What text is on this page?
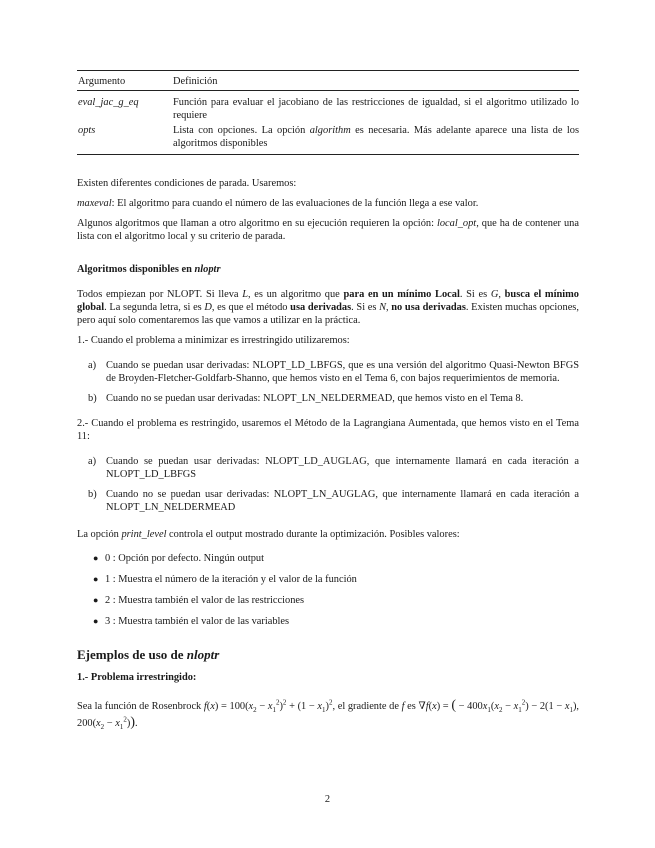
Argumento	Definición
eval_jac_g_eq	Función para evaluar el jacobiano de las restricciones de igualdad, si el algoritmo utilizado lo requiere
opts	Lista con opciones. La opción algorithm es necesaria. Más adelante aparece una lista de los algoritmos disponibles

Existen diferentes condiciones de parada. Usaremos:

maxeval: El algoritmo para cuando el número de las evaluaciones de la función llega a ese valor.

Algunos algoritmos que llaman a otro algoritmo en su ejecución requieren la opción: local_opt, que ha de contener una lista con el algoritmo local y su criterio de parada.

Algoritmos disponibles en nloptr

Todos empiezan por NLOPT. Si lleva L, es un algoritmo que para en un mínimo Local. Si es G, busca el mínimo global. La segunda letra, si es D, es que el método usa derivadas. Si es N, no usa derivadas. Existen muchas opciones, pero aquí solo comentaremos las que vamos a utilizar en la práctica.

1.- Cuando el problema a minimizar es irrestringido utilizaremos:

a) Cuando se puedan usar derivadas: NLOPT_LD_LBFGS, que es una versión del algoritmo Quasi-Newton BFGS de Broyden-Fletcher-Goldfarb-Shanno, que hemos visto en el Tema 6, con bajos requerimientos de memoria.
b) Cuando no se puedan usar derivadas: NLOPT_LN_NELDERMEAD, que hemos visto en el Tema 8.

2.- Cuando el problema es restringido, usaremos el Método de la Lagrangiana Aumentada, que hemos visto en el Tema 11:

a) Cuando se puedan usar derivadas: NLOPT_LD_AUGLAG, que internamente llamará en cada iteración a NLOPT_LD_LBFGS
b) Cuando no se puedan usar derivadas: NLOPT_LN_AUGLAG, que internamente llamará en cada iteración a NLOPT_LN_NELDERMEAD

La opción print_level controla el output mostrado durante la optimización. Posibles valores:

● 0 : Opción por defecto. Ningún output
● 1 : Muestra el número de la iteración y el valor de la función
● 2 : Muestra también el valor de las restricciones
● 3 : Muestra también el valor de las variables
Ejemplos de uso de nloptr
1.- Problema irrestringido:

Sea la función de Rosenbrock $f(x) = 100(x_2 - x_1^2)^2 + (1 - x_1)^2$, el gradiente de f es ∇f(x) = ( − $400x_1(x_2 - x_1^2) - 2(1 - x_1)$, $200(x_2 - x_1^2)$).

2
